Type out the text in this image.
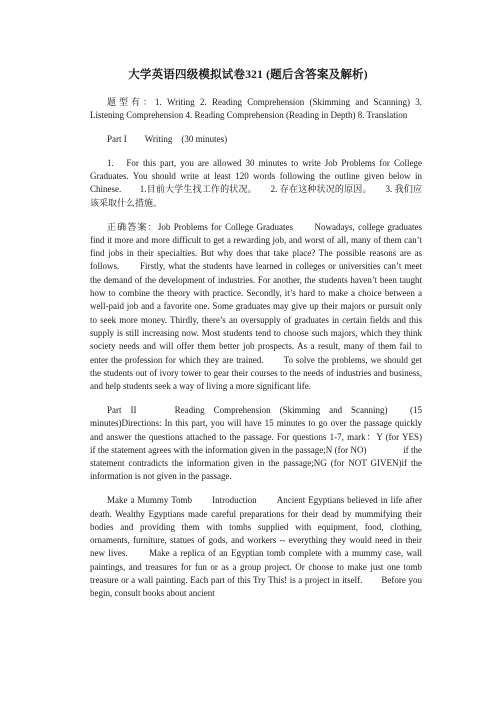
大学英语四级模拟试卷321 (题后含答案及解析)

题型有：1. Writing 2. Reading Comprehension (Skimming and Scanning) 3. Listening Comprehension 4. Reading Comprehension (Reading in Depth) 8. Translation

Part I　　Writing　(30 minutes)

1.　For this part, you are allowed 30 minutes to write Job Problems for College Graduates. You should write at least 120 words following the outline given below in Chinese.　　1.目前大学生找工作的状况。　　2. 存在这种状况的原因。　　3. 我们应该采取什么措施。

正确答案：Job Problems for College Graduates　　Nowadays, college graduates find it more and more difficult to get a rewarding job, and worst of all, many of them can’t find jobs in their specialties. But why does that take place? The possible reasons are as follows.　　Firstly, what the students have learned in colleges or universities can’t meet the demand of the development of industries. For another, the students haven’t been taught how to combine the theory with practice. Secondly, it’s hard to make a choice between a well-paid job and a favorite one. Some graduates may give up their majors or pursuit only to seek more money. Thirdly, there’s an oversupply of graduates in certain fields and this supply is still increasing now. Most students tend to choose such majors, which they think society needs and will offer them better job prospects. As a result, many of them fail to enter the profession for which they are trained.　　To solve the problems, we should get the students out of ivory tower to gear their courses to the needs of industries and business, and help students seek a way of living a more significant life.

Part II　　Reading Comprehension (Skimming and Scanning)　(15 minutes)Directions: In this part, you will have 15 minutes to go over the passage quickly and answer the questions attached to the passage. For questions 1-7, mark：Y (for YES)　　　if the statement agrees with the information given in the passage;N (for NO)　　　　if the statement contradicts the information given in the passage;NG (for NOT GIVEN)if the information is not given in the passage.

Make a Mummy Tomb　　Introduction　　Ancient Egyptians believed in life after death. Wealthy Egyptians made careful preparations for their dead by mummifying their bodies and providing them with tombs supplied with equipment, food, clothing,　ornaments, furniture, statues of gods, and workers -- everything they would need in their new lives.　　Make a replica of an Egyptian tomb complete with a mummy case, wall paintings, and treasures for fun or as a group project. Or choose to make just one tomb treasure or a wall painting. Each part of this Try This! is a project in itself.　　Before you begin, consult books about ancient
